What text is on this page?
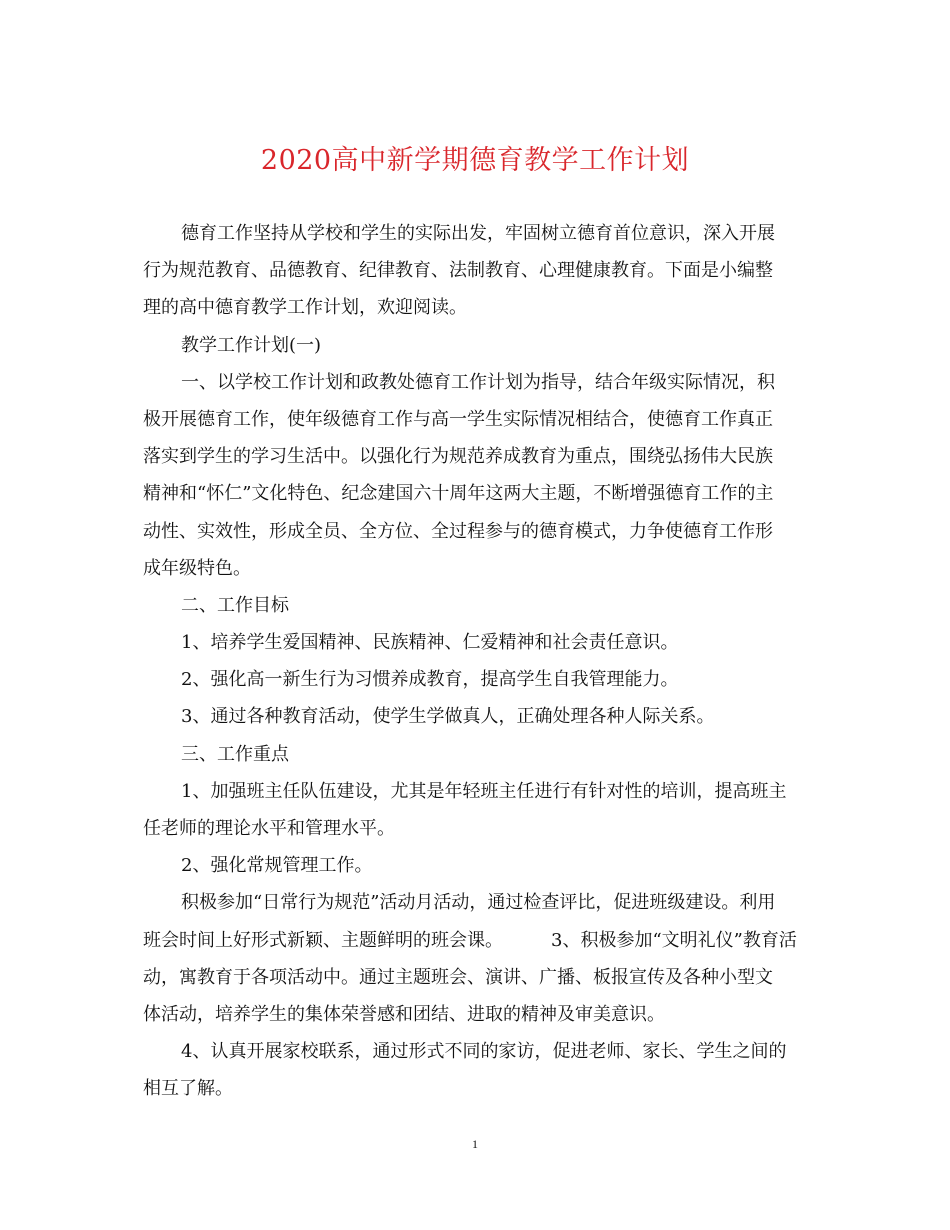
2020高中新学期德育教学工作计划
德育工作坚持从学校和学生的实际出发，牢固树立德育首位意识，深入开展
行为规范教育、品德教育、纪律教育、法制教育、心理健康教育。下面是小编整
理的高中德育教学工作计划，欢迎阅读。
教学工作计划(一)
一、以学校工作计划和政教处德育工作计划为指导，结合年级实际情况，积
极开展德育工作，使年级德育工作与高一学生实际情况相结合，使德育工作真正
落实到学生的学习生活中。以强化行为规范养成教育为重点，围绕弘扬伟大民族
精神和“怀仁”文化特色、纪念建国六十周年这两大主题，不断增强德育工作的主
动性、实效性，形成全员、全方位、全过程参与的德育模式，力争使德育工作形
成年级特色。
二、工作目标
1、培养学生爱国精神、民族精神、仁爱精神和社会责任意识。
2、强化高一新生行为习惯养成教育，提高学生自我管理能力。
3、通过各种教育活动，使学生学做真人，正确处理各种人际关系。
三、工作重点
1、加强班主任队伍建设，尤其是年轻班主任进行有针对性的培训，提高班主
任老师的理论水平和管理水平。
2、强化常规管理工作。
积极参加“日常行为规范”活动月活动，通过检查评比，促进班级建设。利用
班会时间上好形式新颖、主题鲜明的班会课。	3、积极参加“文明礼仪”教育活
动，寓教育于各项活动中。通过主题班会、演讲、广播、板报宣传及各种小型文
体活动，培养学生的集体荣誉感和团结、进取的精神及审美意识。
4、认真开展家校联系，通过形式不同的家访，促进老师、家长、学生之间的
相互了解。
1
